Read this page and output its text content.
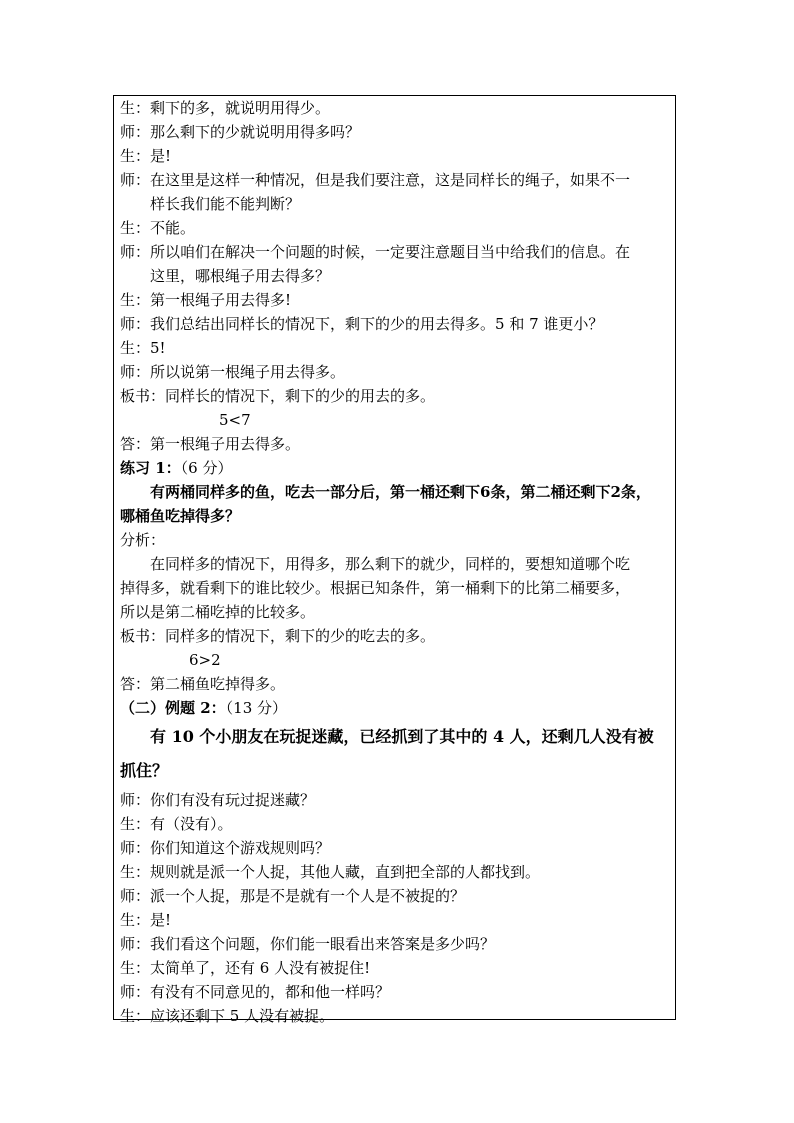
生：剩下的多，就说明用得少。
师：那么剩下的少就说明用得多吗？
生：是!
师：在这里是这样一种情况，但是我们要注意，这是同样长的绳子，如果不一
样长我们能不能判断？
生：不能。
师：所以咱们在解决一个问题的时候，一定要注意题目当中给我们的信息。在
这里，哪根绳子用去得多？
生：第一根绳子用去得多!
师：我们总结出同样长的情况下，剩下的少的用去得多。5 和 7 谁更小？
生：5!
师：所以说第一根绳子用去得多。
板书：同样长的情况下，剩下的少的用去的多。
5<7
答：第一根绳子用去得多。
练习 1：（6 分）
有两桶同样多的鱼，吃去一部分后，第一桶还剩下6条，第二桶还剩下2条，
哪桶鱼吃掉得多？
分析：
在同样多的情况下，用得多，那么剩下的就少，同样的，要想知道哪个吃
掉得多，就看剩下的谁比较少。根据已知条件，第一桶剩下的比第二桶要多，
所以是第二桶吃掉的比较多。
板书：同样多的情况下，剩下的少的吃去的多。
6>2
答：第二桶鱼吃掉得多。
（二）例题 2：（13 分）
有 10 个小朋友在玩捉迷藏，已经抓到了其中的 4 人，还剩几人没有被
抓住？
师：你们有没有玩过捉迷藏？
生：有（没有）。
师：你们知道这个游戏规则吗？
生：规则就是派一个人捉，其他人藏，直到把全部的人都找到。
师：派一个人捉，那是不是就有一个人是不被捉的？
生：是!
师：我们看这个问题，你们能一眼看出来答案是多少吗？
生：太简单了，还有 6 人没有被捉住!
师：有没有不同意见的，都和他一样吗？
生：应该还剩下 5 人没有被捉。
